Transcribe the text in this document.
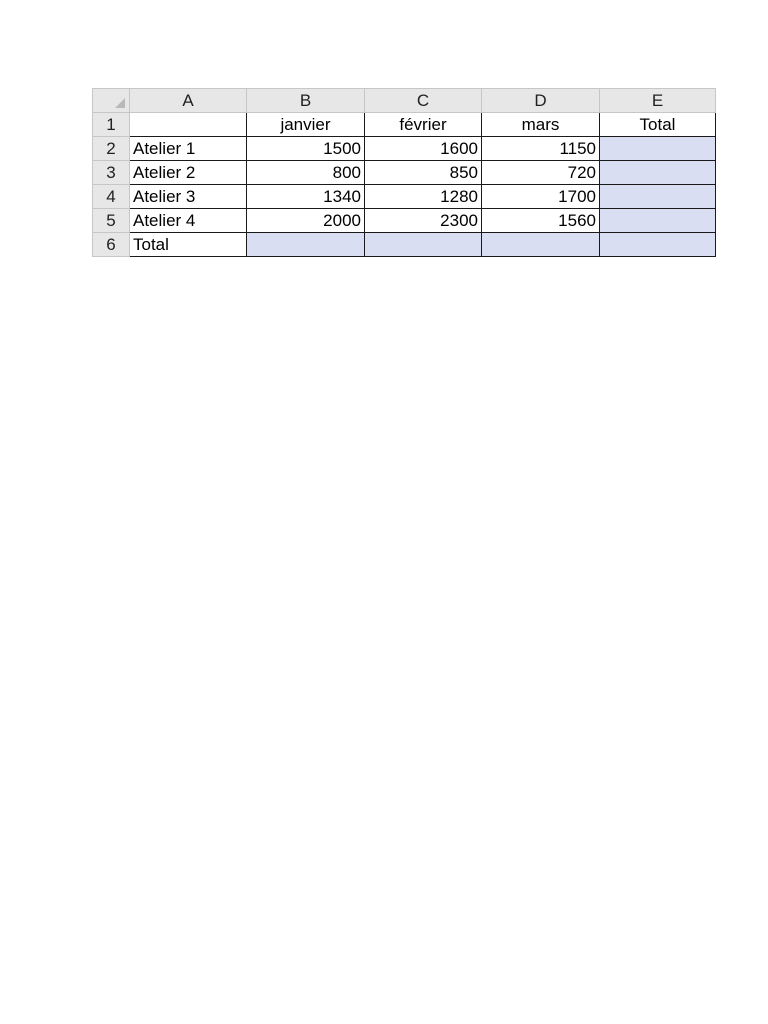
	A	B	C	D	E
1		janvier	février	mars	Total
2	Atelier 1	1500	1600	1150	
3	Atelier 2	800	850	720	
4	Atelier 3	1340	1280	1700	
5	Atelier 4	2000	2300	1560	
6	Total				
